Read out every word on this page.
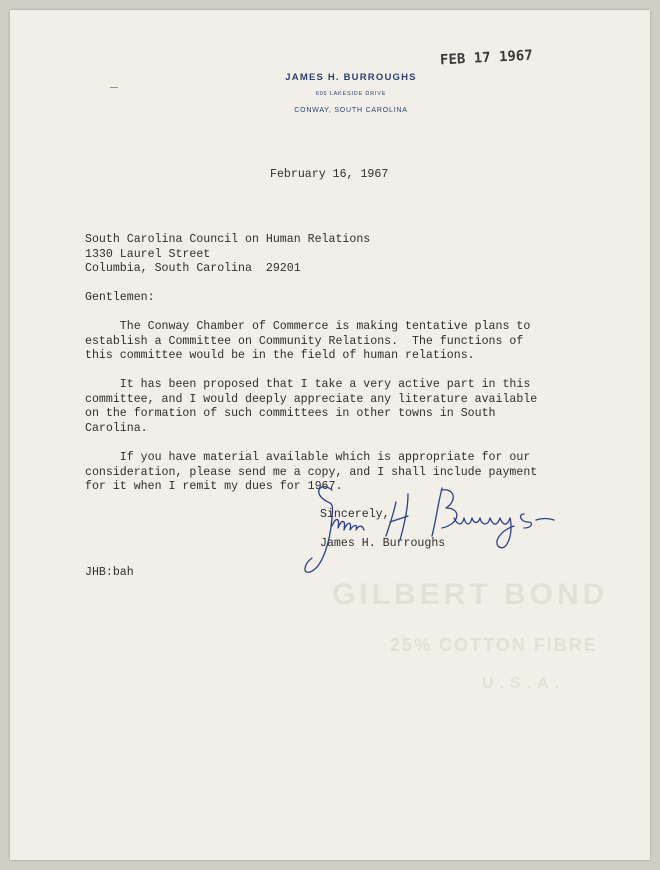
JAMES H. BURROUGHS
605 LAKESIDE DRIVE
CONWAY, SOUTH CAROLINA
FEB 17 1967
GILBERT BOND
25% COTTON FIBRE
U.S.A.
February 16, 1967
South Carolina Council on Human Relations
1330 Laurel Street
Columbia, South Carolina  29201
Gentlemen:
The Conway Chamber of Commerce is making tentative plans to
establish a Committee on Community Relations.  The functions of
this committee would be in the field of human relations.
It has been proposed that I take a very active part in this
committee, and I would deeply appreciate any literature available
on the formation of such committees in other towns in South
Carolina.
If you have material available which is appropriate for our
consideration, please send me a copy, and I shall include payment
for it when I remit my dues for 1967.
Sincerely,
James H. Burroughs
JHB:bah
